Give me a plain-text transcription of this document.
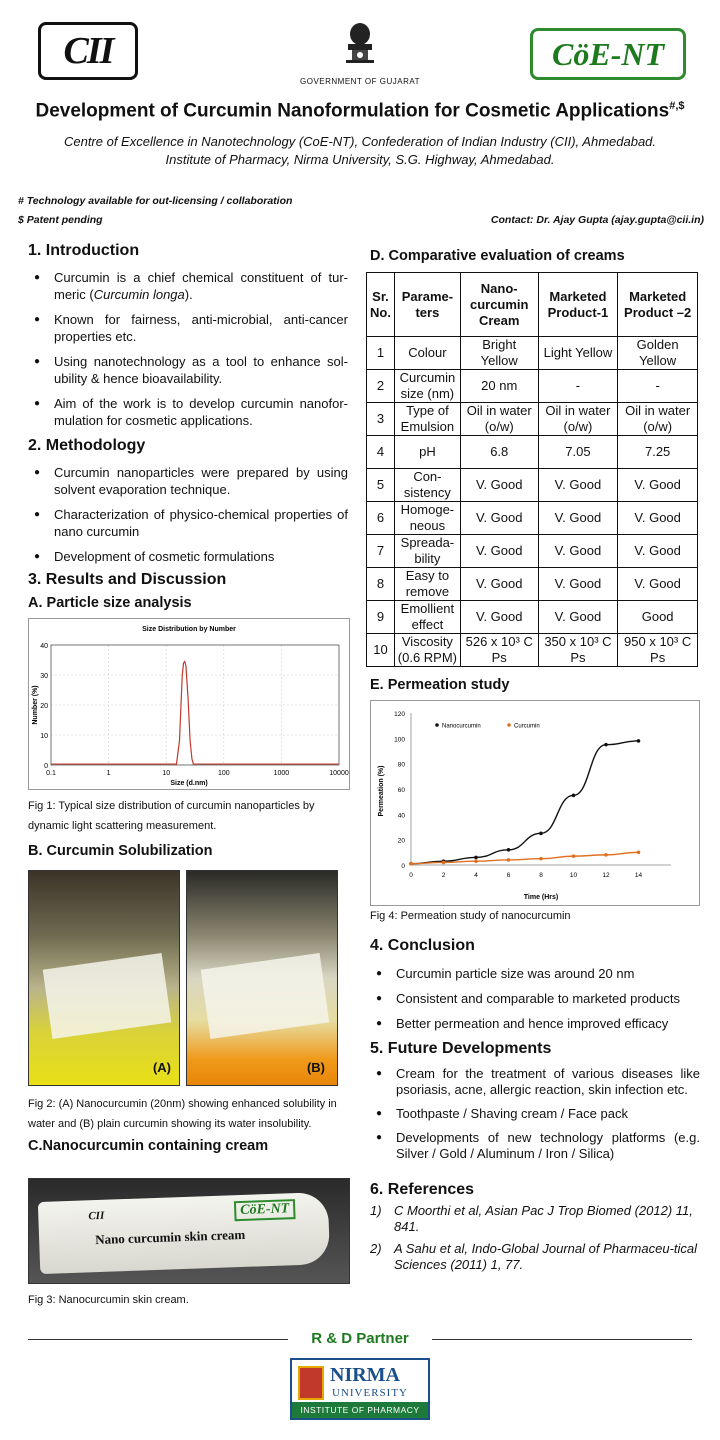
CII
GOVERNMENT OF GUJARAT
CöE-NT
Development of Curcumin Nanoformulation for Cosmetic Applications#,$
Centre of Excellence in Nanotechnology (CoE-NT), Confederation of Indian Industry (CII), Ahmedabad.
Institute of Pharmacy, Nirma University, S.G. Highway, Ahmedabad.
# Technology available for out-licensing / collaboration
$ Patent pending	Contact: Dr. Ajay Gupta (ajay.gupta@cii.in)
1. Introduction
● Curcumin is a chief chemical constituent of tur-meric (Curcumin longa).
● Known for fairness, anti-microbial, anti-cancer properties etc.
● Using nanotechnology as a tool to enhance sol-ubility & hence bioavailability.
● Aim of the work is to develop curcumin nanofor-mulation for cosmetic applications.
2. Methodology
● Curcumin nanoparticles were prepared by using solvent evaporation technique.
● Characterization of physico-chemical properties of nano curcumin
● Development of cosmetic formulations
3. Results and Discussion
A. Particle size analysis
Size Distribution by Number
0
10
20
30
40
0.1	1	10	100	1000	10000
Size (d.nm)
Number (%)
Fig 1: Typical size distribution of curcumin nanoparticles by dynamic light scattering measurement.
B. Curcumin Solubilization
(A)	(B)
Fig 2: (A) Nanocurcumin (20nm) showing enhanced solubility in water and (B) plain curcumin showing its water insolubility.
C.Nanocurcumin containing cream
CII
Nano curcumin skin cream
CöE-NT
Fig 3: Nanocurcumin skin cream.
D. Comparative evaluation of creams
Sr. No.	Parame-ters	Nano-curcumin Cream	Marketed Product-1	Marketed Product –2
1	Colour	Bright Yellow	Light Yellow	Golden Yellow
2	Curcumin size (nm)	20 nm	-	-
3	Type of Emulsion	Oil in water (o/w)	Oil in water (o/w)	Oil in water (o/w)
4	pH	6.8	7.05	7.25
5	Con-sistency	V. Good	V. Good	V. Good
6	Homoge-neous	V. Good	V. Good	V. Good
7	Spreada-bility	V. Good	V. Good	V. Good
8	Easy to remove	V. Good	V. Good	V. Good
9	Emollient effect	V. Good	V. Good	Good
10	Viscosity (0.6 RPM)	526 x 10³ C Ps	350 x 10³ C Ps	950 x 10³ C Ps
E. Permeation study
0
20
40
60
80
100
120
0	2	4	6	8	10	12	14
Time (Hrs)
Permeation (%)
Nanocurcumin	Curcumin
Fig 4: Permeation study of nanocurcumin
4. Conclusion
● Curcumin particle size was around 20 nm
● Consistent and comparable to marketed products
● Better permeation and hence improved efficacy
5. Future Developments
● Cream for the treatment of various diseases like psoriasis, acne, allergic reaction, skin infection etc.
● Toothpaste / Shaving cream / Face pack
● Developments of new technology platforms (e.g. Silver / Gold / Aluminum / Iron / Silica)
6. References
1) C Moorthi et al, Asian Pac J Trop Biomed (2012) 11, 841.
2) A Sahu et al, Indo-Global Journal of Pharmaceu-tical Sciences (2011) 1, 77.
R & D Partner
NIRMA
UNIVERSITY
INSTITUTE OF PHARMACY
